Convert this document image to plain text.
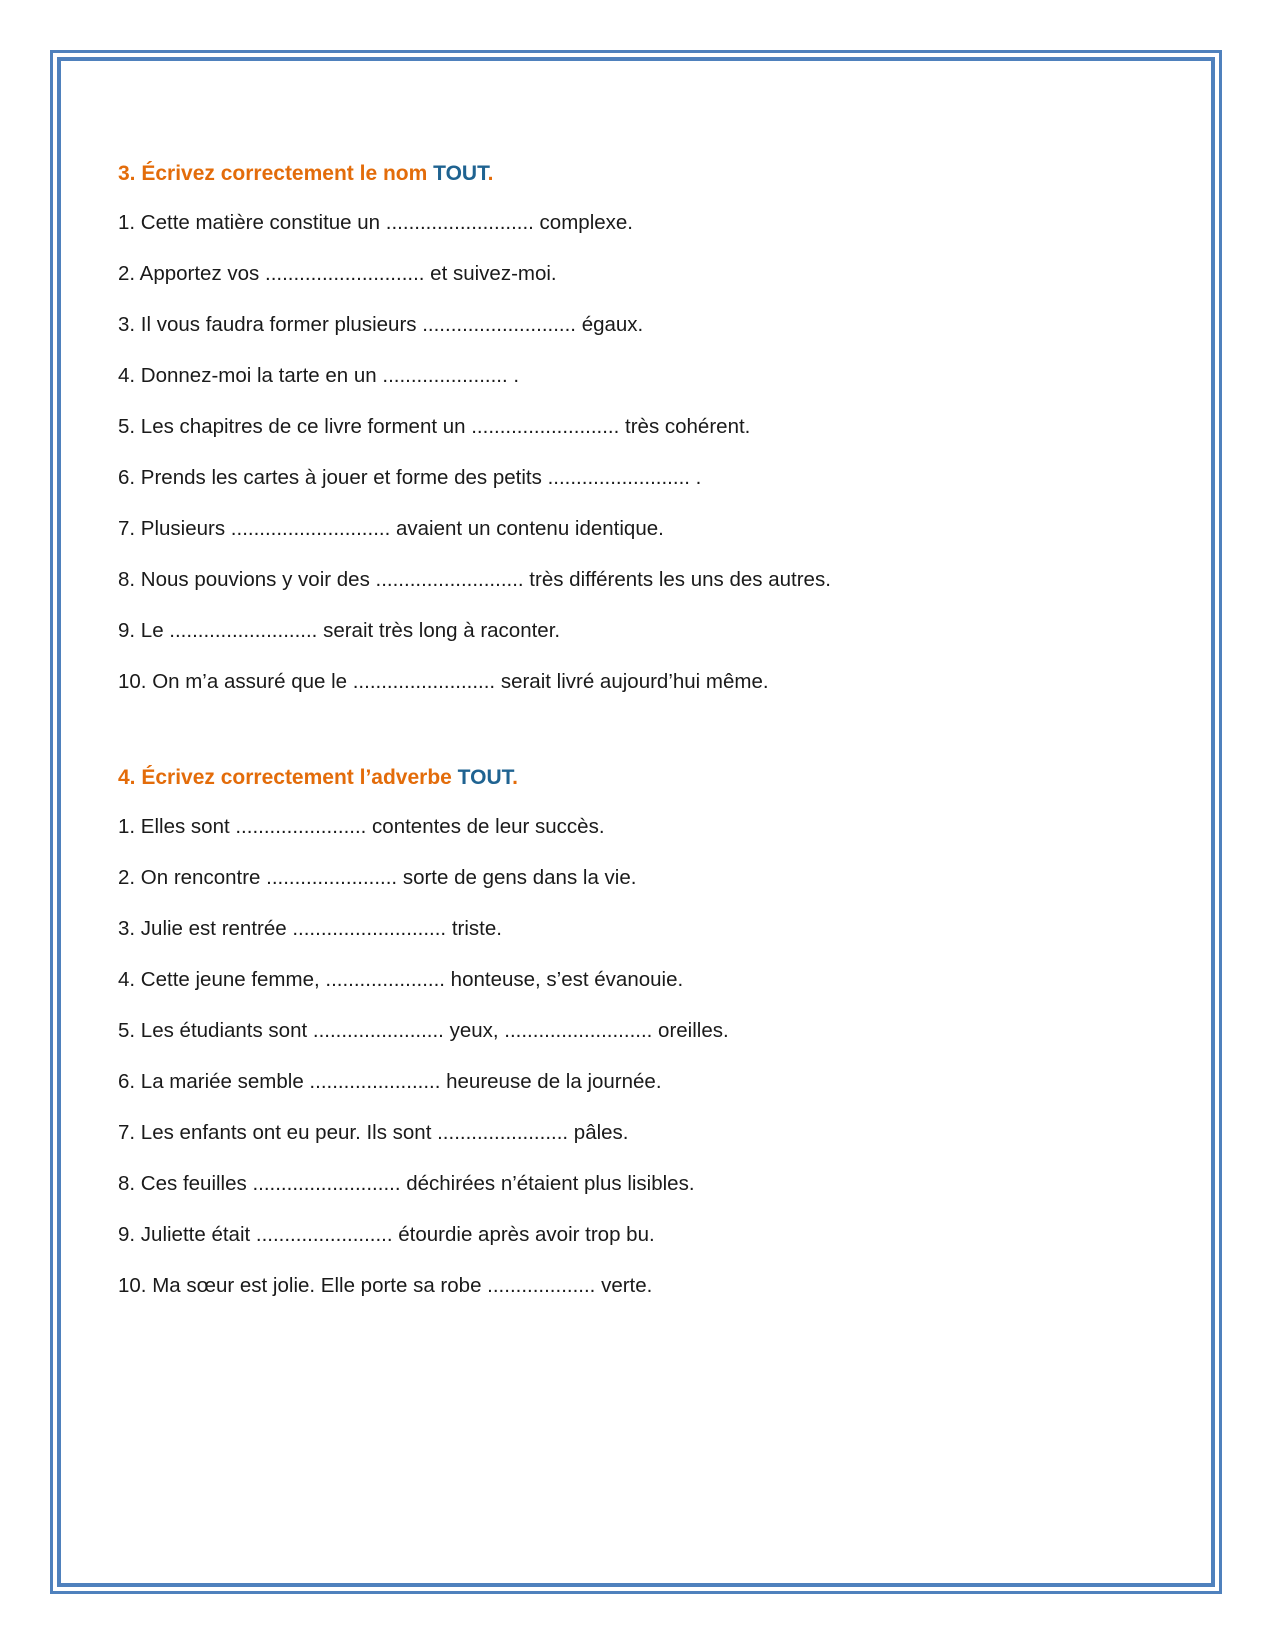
3. Écrivez correctement le nom TOUT.
1. Cette matière constitue un .......................... complexe.
2. Apportez vos ............................ et suivez-moi.
3. Il vous faudra former plusieurs ........................... égaux.
4. Donnez-moi la tarte en un ...................... .
5. Les chapitres de ce livre forment un .......................... très cohérent.
6. Prends les cartes à jouer et forme des petits ......................... .
7. Plusieurs ............................ avaient un contenu identique.
8. Nous pouvions y voir des .......................... très différents les uns des autres.
9. Le .......................... serait très long à raconter.
10. On m’a assuré que le ......................... serait livré aujourd’hui même.
4. Écrivez correctement l’adverbe TOUT.
1. Elles sont ....................... contentes de leur succès.
2. On rencontre ....................... sorte de gens dans la vie.
3. Julie est rentrée ........................... triste.
4. Cette jeune femme, ..................... honteuse, s’est évanouie.
5. Les étudiants sont ....................... yeux, .......................... oreilles.
6. La mariée semble ....................... heureuse de la journée.
7. Les enfants ont eu peur. Ils sont ....................... pâles.
8. Ces feuilles .......................... déchirées n’étaient plus lisibles.
9. Juliette était ........................ étourdie après avoir trop bu.
10. Ma sœur est jolie. Elle porte sa robe ................... verte.
